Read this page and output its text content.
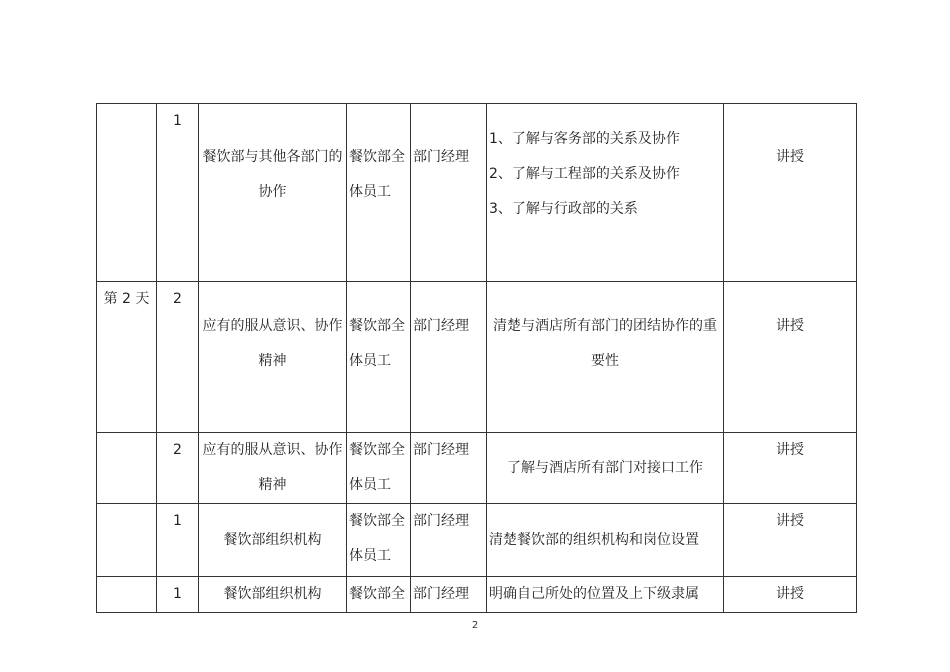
	1	餐饮部与其他各部门的协作	餐饮部全体员工	部门经理	1、了解与客务部的关系及协作
2、了解与工程部的关系及协作
3、了解与行政部的关系	讲授
第 2 天	2	应有的服从意识、协作精神	餐饮部全体员工	部门经理	清楚与酒店所有部门的团结协作的重要性	讲授
	2	应有的服从意识、协作精神	餐饮部全体员工	部门经理	了解与酒店所有部门对接口工作	讲授
	1	餐饮部组织机构	餐饮部全体员工	部门经理	清楚餐饮部的组织机构和岗位设置	讲授
	1	餐饮部组织机构	餐饮部全	部门经理	明确自己所处的位置及上下级隶属	讲授
2
